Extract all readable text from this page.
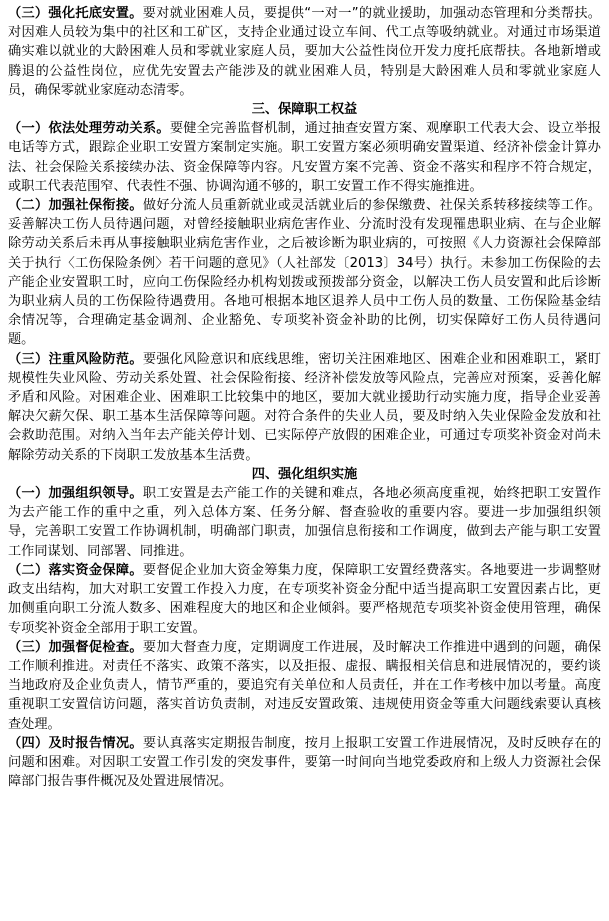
（三）强化托底安置。要对就业困难人员，要提供“一对一”的就业援助，加强动态管理和分类帮扶。对因难人员较为集中的社区和工矿区，支持企业通过设立车间、代工点等吸纳就业。对通过市场渠道确实难以就业的大龄困难人员和零就业家庭人员，要加大公益性岗位开发力度托底帮扶。各地新增或腾退的公益性岗位，应优先安置去产能涉及的就业困难人员，特别是大龄困难人员和零就业家庭人员，确保零就业家庭动态清零。

三、保障职工权益

（一）依法处理劳动关系。要健全完善监督机制，通过抽查安置方案、观摩职工代表大会、设立举报电话等方式，跟踪企业职工安置方案制定实施。职工安置方案必须明确安置渠道、经济补偿金计算办法、社会保险关系接续办法、资金保障等内容。凡安置方案不完善、资金不落实和程序不符合规定，或职工代表范围窄、代表性不强、协调沟通不够的，职工安置工作不得实施推进。

（二）加强社保衔接。做好分流人员重新就业或灵活就业后的参保缴费、社保关系转移接续等工作。妥善解决工伤人员待遇问题，对曾经接触职业病危害作业、分流时没有发现罹患职业病、在与企业解除劳动关系后未再从事接触职业病危害作业，之后被诊断为职业病的，可按照《人力资源社会保障部关于执行〈工伤保险条例〉若干问题的意见》（人社部发〔2013〕34号）执行。未参加工伤保险的去产能企业安置职工时，应向工伤保险经办机构划拨或预拨部分资金，以解决工伤人员安置和此后诊断为职业病人员的工伤保险待遇费用。各地可根据本地区退养人员中工伤人员的数量、工伤保险基金结余情况等，合理确定基金调剂、企业豁免、专项奖补资金补助的比例，切实保障好工伤人员待遇问题。

（三）注重风险防范。要强化风险意识和底线思维，密切关注困难地区、困难企业和困难职工，紧盯规模性失业风险、劳动关系处置、社会保险衔接、经济补偿发放等风险点，完善应对预案，妥善化解矛盾和风险。对困难企业、困难职工比较集中的地区，要加大就业援助行动实施力度，指导企业妥善解决欠薪欠保、职工基本生活保障等问题。对符合条件的失业人员，要及时纳入失业保险金发放和社会救助范围。对纳入当年去产能关停计划、已实际停产放假的困难企业，可通过专项奖补资金对尚未解除劳动关系的下岗职工发放基本生活费。

四、强化组织实施

（一）加强组织领导。职工安置是去产能工作的关键和难点，各地必须高度重视，始终把职工安置作为去产能工作的重中之重，列入总体方案、任务分解、督查验收的重要内容。要进一步加强组织领导，完善职工安置工作协调机制，明确部门职责，加强信息衔接和工作调度，做到去产能与职工安置工作同谋划、同部署、同推进。

（二）落实资金保障。要督促企业加大资金筹集力度，保障职工安置经费落实。各地要进一步调整财政支出结构，加大对职工安置工作投入力度，在专项奖补资金分配中适当提高职工安置因素占比，更加侧重向职工分流人数多、困难程度大的地区和企业倾斜。要严格规范专项奖补资金使用管理，确保专项奖补资金全部用于职工安置。

（三）加强督促检查。要加大督查力度，定期调度工作进展，及时解决工作推进中遇到的问题，确保工作顺利推进。对责任不落实、政策不落实，以及拒报、虚报、瞒报相关信息和进展情况的，要约谈当地政府及企业负责人，情节严重的，要追究有关单位和人员责任，并在工作考核中加以考量。高度重视职工安置信访问题，落实首访负责制，对违反安置政策、违规使用资金等重大问题线索要认真核查处理。

（四）及时报告情况。要认真落实定期报告制度，按月上报职工安置工作进展情况，及时反映存在的问题和困难。对因职工安置工作引发的突发事件，要第一时间向当地党委政府和上级人力资源社会保障部门报告事件概况及处置进展情况。
